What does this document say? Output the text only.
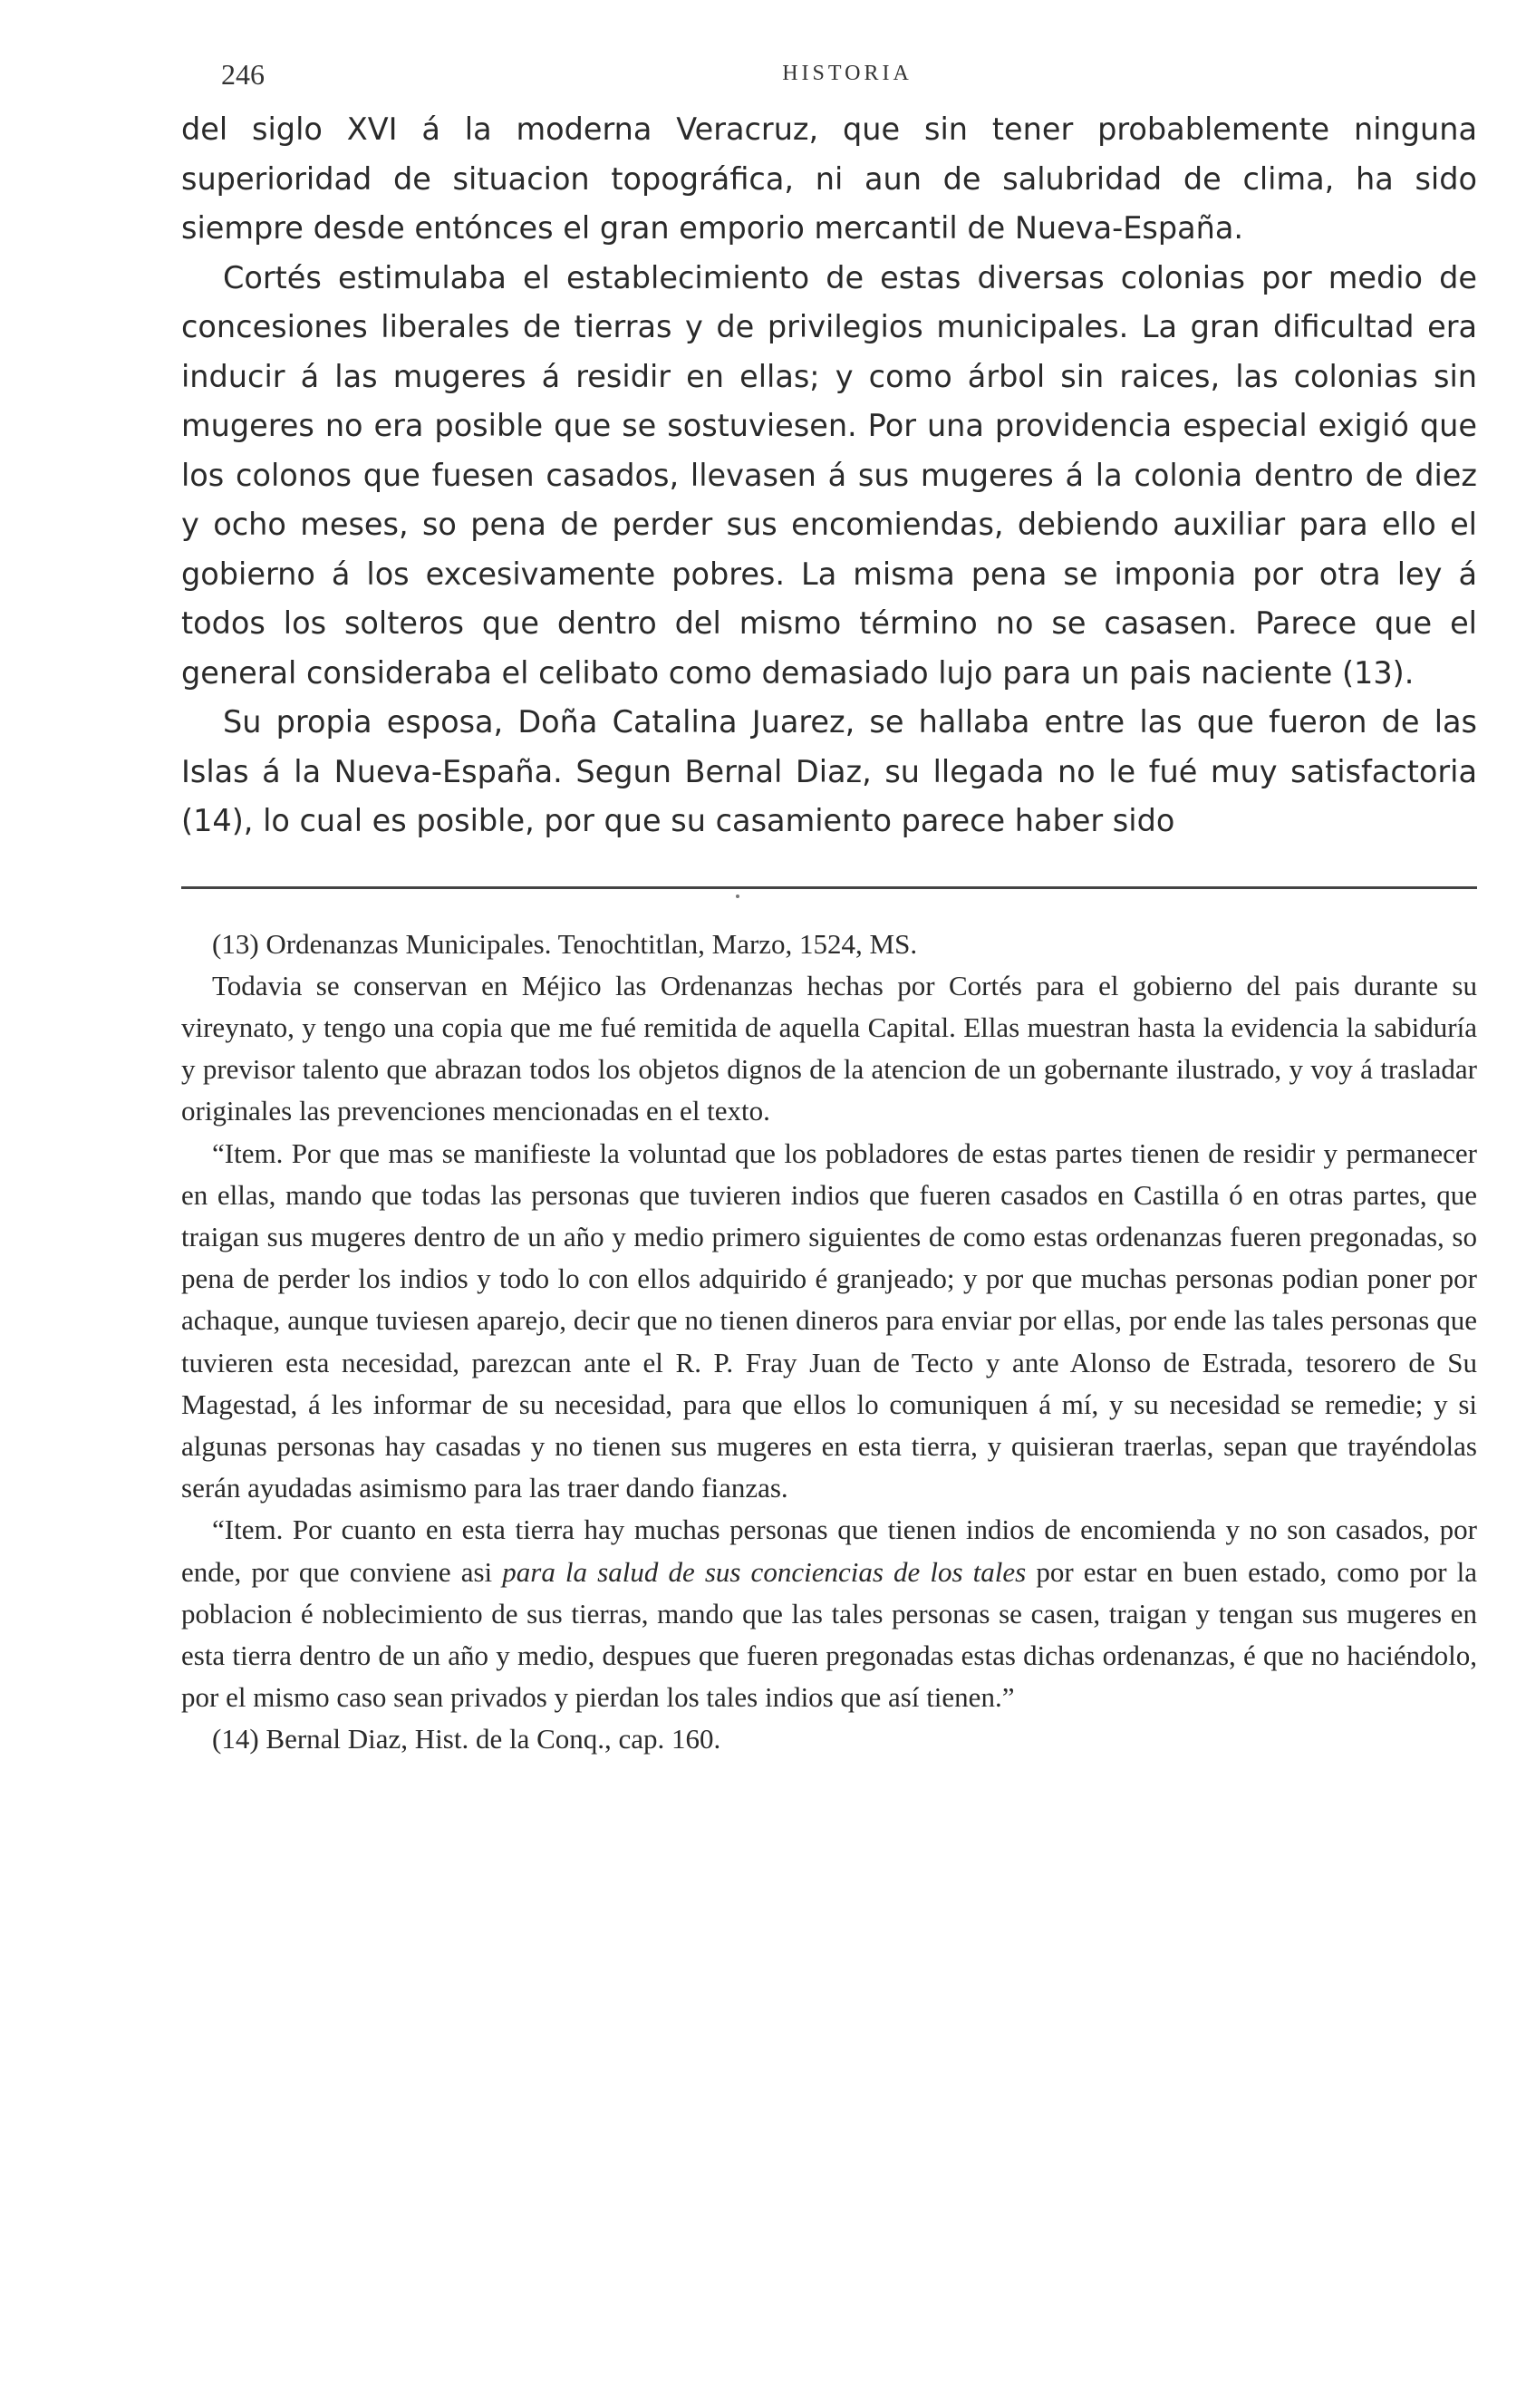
246	HISTORIA

del siglo XVI á la moderna Veracruz, que sin tener probablemente ninguna superioridad de situacion topográfica, ni aun de salubridad de clima, ha sido siempre desde entónces el gran emporio mercantil de Nueva-España.

Cortés estimulaba el establecimiento de estas diversas colonias por medio de concesiones liberales de tierras y de privilegios municipales. La gran dificultad era inducir á las mugeres á residir en ellas; y como árbol sin raices, las colonias sin mugeres no era posible que se sostuviesen. Por una providencia especial exigió que los colonos que fuesen casados, llevasen á sus mugeres á la colonia dentro de diez y ocho meses, so pena de perder sus encomiendas, debiendo auxiliar para ello el gobierno á los excesivamente pobres. La misma pena se imponia por otra ley á todos los solteros que dentro del mismo término no se casasen. Parece que el general consideraba el celibato como demasiado lujo para un pais naciente (13).

Su propia esposa, Doña Catalina Juarez, se hallaba entre las que fueron de las Islas á la Nueva-España. Segun Bernal Diaz, su llegada no le fué muy satisfactoria (14), lo cual es posible, por que su casamiento parece haber sido

(13) Ordenanzas Municipales. Tenochtitlan, Marzo, 1524, MS.

Todavia se conservan en Méjico las Ordenanzas hechas por Cortés para el gobierno del pais durante su vireynato, y tengo una copia que me fué remitida de aquella Capital. Ellas muestran hasta la evidencia la sabiduría y previsor talento que abrazan todos los objetos dignos de la atencion de un gobernante ilustrado, y voy á trasladar originales las prevenciones mencionadas en el texto.

“Item. Por que mas se manifieste la voluntad que los pobladores de estas partes tienen de residir y permanecer en ellas, mando que todas las personas que tuvieren indios que fueren casados en Castilla ó en otras partes, que traigan sus mugeres dentro de un año y medio primero siguientes de como estas ordenanzas fueren pregonadas, so pena de perder los indios y todo lo con ellos adquirido é granjeado; y por que muchas personas podian poner por achaque, aunque tuviesen aparejo, decir que no tienen dineros para enviar por ellas, por ende las tales personas que tuvieren esta necesidad, parezcan ante el R. P. Fray Juan de Tecto y ante Alonso de Estrada, tesorero de Su Magestad, á les informar de su necesidad, para que ellos lo comuniquen á mí, y su necesidad se remedie; y si algunas personas hay casadas y no tienen sus mugeres en esta tierra, y quisieran traerlas, sepan que trayéndolas serán ayudadas asimismo para las traer dando fianzas.

“Item. Por cuanto en esta tierra hay muchas personas que tienen indios de encomienda y no son casados, por ende, por que conviene asi para la salud de sus conciencias de los tales por estar en buen estado, como por la poblacion é noblecimiento de sus tierras, mando que las tales personas se casen, traigan y tengan sus mugeres en esta tierra dentro de un año y medio, despues que fueren pregonadas estas dichas ordenanzas, é que no haciéndolo, por el mismo caso sean privados y pierdan los tales indios que así tienen.”

(14) Bernal Diaz, Hist. de la Conq., cap. 160.
